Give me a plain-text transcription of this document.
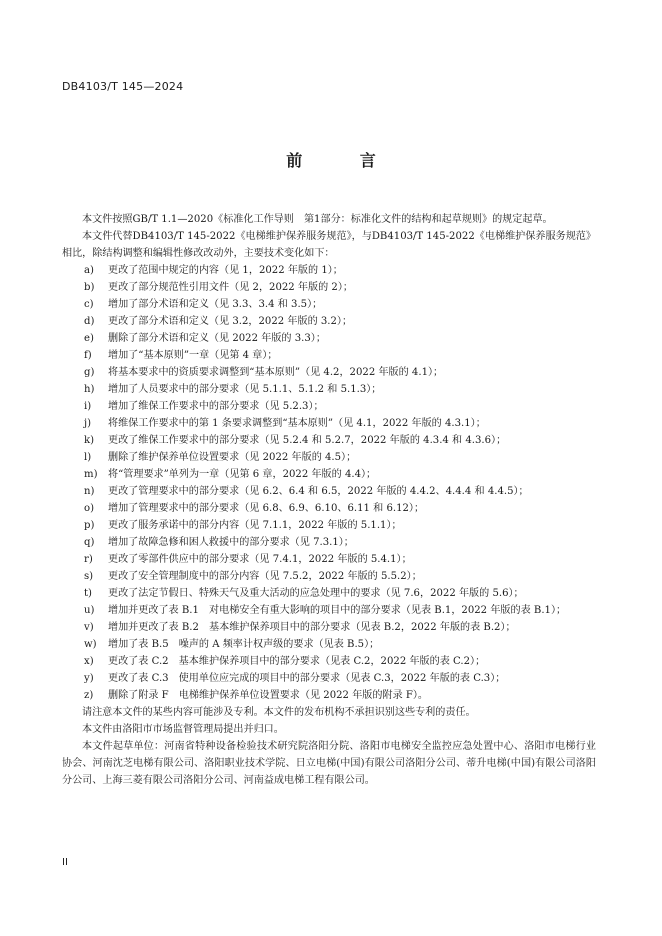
DB4103/T 145—2024
前 言

本文件按照GB/T 1.1—2020《标准化工作导则　第1部分：标准化文件的结构和起草规则》的规定起草。

本文件代替DB4103/T 145-2022《电梯维护保养服务规范》，与DB4103/T 145-2022《电梯维护保养服务规范》相比，除结构调整和编辑性修改改动外，主要技术变化如下：

a)	更改了范围中规定的内容（见 1，2022 年版的 1）；
b)	更改了部分规范性引用文件（见 2，2022 年版的 2）；
c)	增加了部分术语和定义（见 3.3、3.4 和 3.5）；
d)	更改了部分术语和定义（见 3.2，2022 年版的 3.2）；
e)	删除了部分术语和定义（见 2022 年版的 3.3）；
f)	增加了“基本原则”一章（见第 4 章）；
g)	将基本要求中的资质要求调整到“基本原则”（见 4.2，2022 年版的 4.1）；
h)	增加了人员要求中的部分要求（见 5.1.1、5.1.2 和 5.1.3）；
i)	增加了维保工作要求中的部分要求（见 5.2.3）；
j)	将维保工作要求中的第 1 条要求调整到“基本原则”（见 4.1，2022 年版的 4.3.1）；
k)	更改了维保工作要求中的部分要求（见 5.2.4 和 5.2.7，2022 年版的 4.3.4 和 4.3.6）；
l)	删除了维护保养单位设置要求（见 2022 年版的 4.5）；
m)	将“管理要求”单列为一章（见第 6 章，2022 年版的 4.4）；
n)	更改了管理要求中的部分要求（见 6.2、6.4 和 6.5，2022 年版的 4.4.2、4.4.4 和 4.4.5）；
o)	增加了管理要求中的部分要求（见 6.8、6.9、6.10、6.11 和 6.12）；
p)	更改了服务承诺中的部分内容（见 7.1.1，2022 年版的 5.1.1）；
q)	增加了故障急修和困人救援中的部分要求（见 7.3.1）；
r)	更改了零部件供应中的部分要求（见 7.4.1，2022 年版的 5.4.1）；
s)	更改了安全管理制度中的部分内容（见 7.5.2，2022 年版的 5.5.2）；
t)	更改了法定节假日、特殊天气及重大活动的应急处理中的要求（见 7.6，2022 年版的 5.6）；
u)	增加并更改了表 B.1　对电梯安全有重大影响的项目中的部分要求（见表 B.1，2022 年版的表 B.1）；
v)	增加并更改了表 B.2　基本维护保养项目中的部分要求（见表 B.2，2022 年版的表 B.2）；
w)	增加了表 B.5　噪声的 A 频率计权声级的要求（见表 B.5）；
x)	更改了表 C.2　基本维护保养项目中的部分要求（见表 C.2，2022 年版的表 C.2）；
y)	更改了表 C.3　使用单位应完成的项目中的部分要求（见表 C.3，2022 年版的表 C.3）；
z)	删除了附录 F　电梯维护保养单位设置要求（见 2022 年版的附录 F）。

请注意本文件的某些内容可能涉及专利。本文件的发布机构不承担识别这些专利的责任。

本文件由洛阳市市场监督管理局提出并归口。

本文件起草单位：河南省特种设备检验技术研究院洛阳分院、洛阳市电梯安全监控应急处置中心、洛阳市电梯行业协会、河南沈芝电梯有限公司、洛阳职业技术学院、日立电梯(中国)有限公司洛阳分公司、蒂升电梯(中国)有限公司洛阳分公司、上海三菱有限公司洛阳分公司、河南益成电梯工程有限公司。

II
